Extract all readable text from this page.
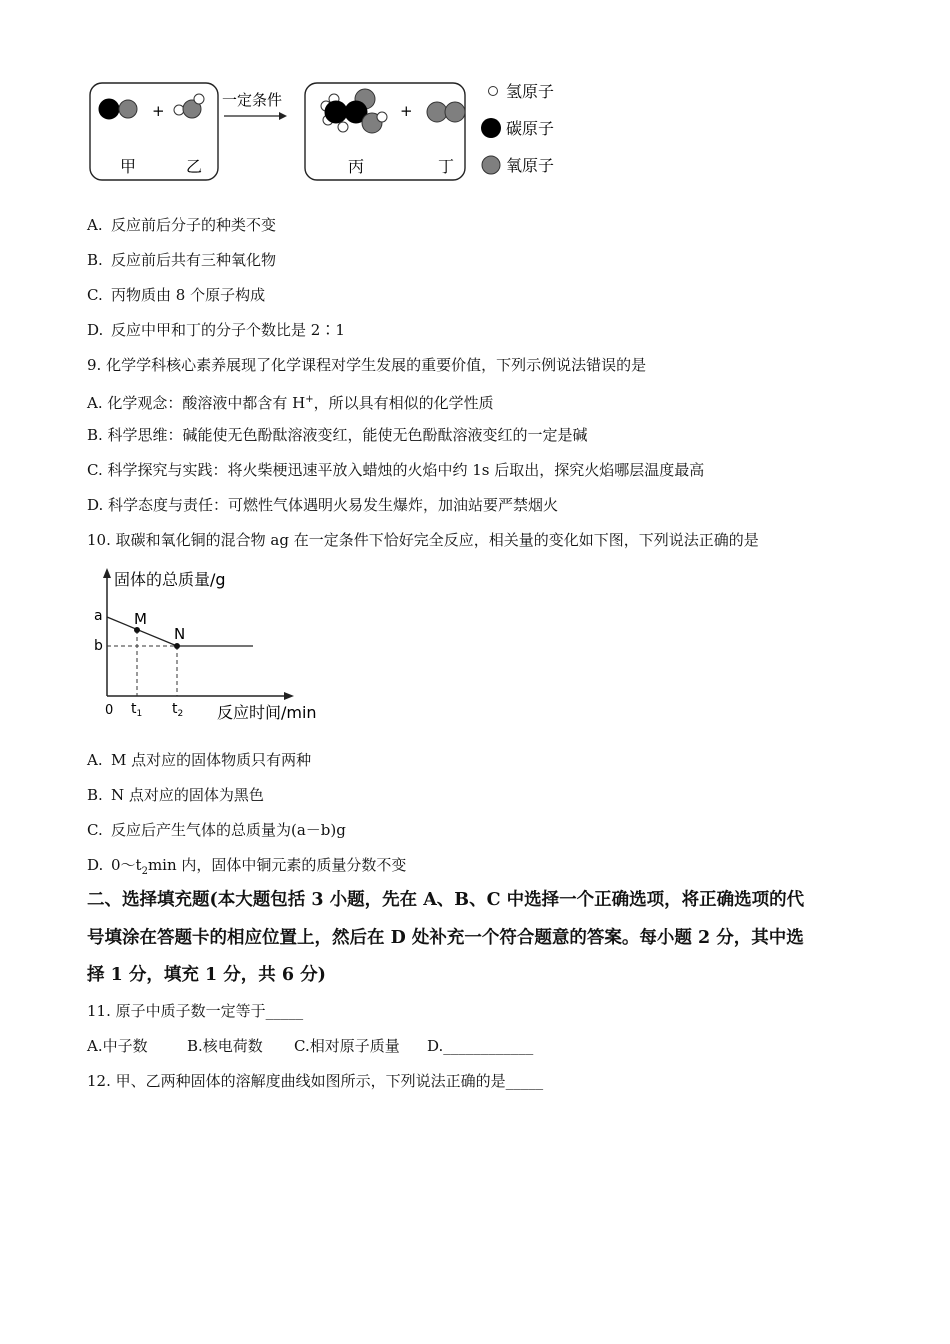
+
甲	乙
一定条件
+
丙	丁
氢原子
碳原子
氧原子
A. 反应前后分子的种类不变
B. 反应前后共有三种氧化物
C. 丙物质由 8 个原子构成
D. 反应中甲和丁的分子个数比是 2∶1
9. 化学学科核心素养展现了化学课程对学生发展的重要价值，下列示例说法错误的是
A. 化学观念：酸溶液中都含有 H+，所以具有相似的化学性质
B. 科学思维：碱能使无色酚酞溶液变红，能使无色酚酞溶液变红的一定是碱
C. 科学探究与实践：将火柴梗迅速平放入蜡烛的火焰中约 1s 后取出，探究火焰哪层温度最高
D. 科学态度与责任：可燃性气体遇明火易发生爆炸，加油站要严禁烟火
10. 取碳和氧化铜的混合物 ag 在一定条件下恰好完全反应，相关量的变化如下图，下列说法正确的是
固体的总质量/g
反应时间/min
0
a
b
M
N
$t_1$ $t_2$
A. M 点对应的固体物质只有两种
B. N 点对应的固体为黑色
C. 反应后产生气体的总质量为(a－b)g
D. $0\sim t_2\min$ 内，固体中铜元素的质量分数不变
二、选择填充题(本大题包括 3 小题，先在 A、B、C 中选择一个正确选项，将正确选项的代
号填涂在答题卡的相应位置上，然后在 D 处补充一个符合题意的答案。每小题 2 分，其中选
择 1 分，填充 1 分，共 6 分)
11. 原子中质子数一定等于_____
A.中子数	B.核电荷数 C.相对原子质量 D.____________
12. 甲、乙两种固体的溶解度曲线如图所示，下列说法正确的是_____
